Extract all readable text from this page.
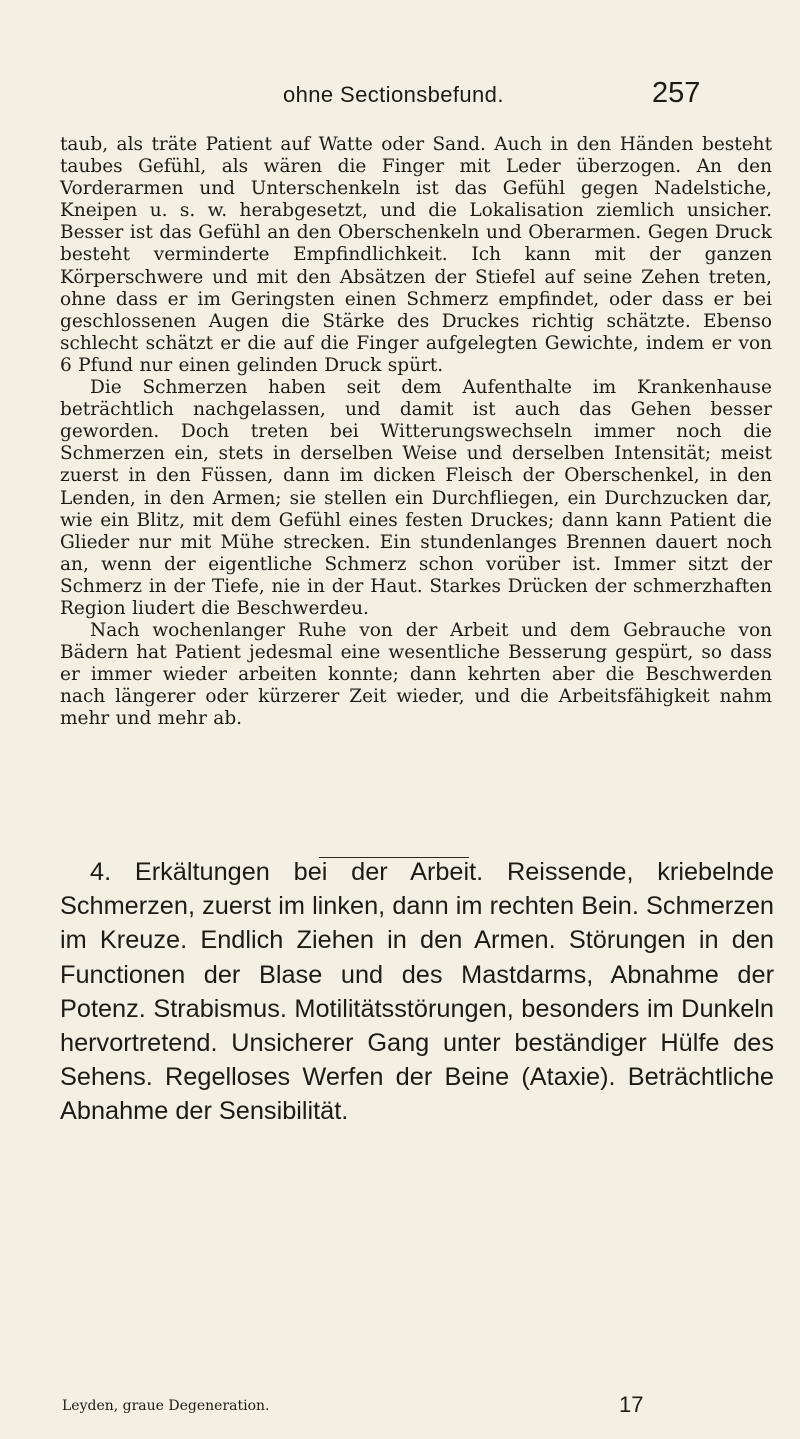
ohne Sectionsbefund.	257

taub, als träte Patient auf Watte oder Sand. Auch in den Händen besteht taubes Gefühl, als wären die Finger mit Leder überzogen. An den Vorderarmen und Unterschenkeln ist das Gefühl gegen Nadelstiche, Kneipen u. s. w. herabgesetzt, und die Lokalisation ziemlich unsicher. Besser ist das Gefühl an den Oberschenkeln und Oberarmen. Gegen Druck besteht verminderte Empfindlichkeit. Ich kann mit der ganzen Körperschwere und mit den Absätzen der Stiefel auf seine Zehen treten, ohne dass er im Geringsten einen Schmerz empfindet, oder dass er bei geschlossenen Augen die Stärke des Druckes richtig schätzte. Ebenso schlecht schätzt er die auf die Finger aufgelegten Gewichte, indem er von 6 Pfund nur einen gelinden Druck spürt.

Die Schmerzen haben seit dem Aufenthalte im Krankenhause beträchtlich nachgelassen, und damit ist auch das Gehen besser geworden. Doch treten bei Witterungswechseln immer noch die Schmerzen ein, stets in derselben Weise und derselben Intensität; meist zuerst in den Füssen, dann im dicken Fleisch der Oberschenkel, in den Lenden, in den Armen; sie stellen ein Durchfliegen, ein Durchzucken dar, wie ein Blitz, mit dem Gefühl eines festen Druckes; dann kann Patient die Glieder nur mit Mühe strecken. Ein stundenlanges Brennen dauert noch an, wenn der eigentliche Schmerz schon vorüber ist. Immer sitzt der Schmerz in der Tiefe, nie in der Haut. Starkes Drücken der schmerzhaften Region liudert die Beschwerdeu.

Nach wochenlanger Ruhe von der Arbeit und dem Gebrauche von Bädern hat Patient jedesmal eine wesentliche Besserung gespürt, so dass er immer wieder arbeiten konnte; dann kehrten aber die Beschwerden nach längerer oder kürzerer Zeit wieder, und die Arbeitsfähigkeit nahm mehr und mehr ab.

4. Erkältungen bei der Arbeit. Reissende, kriebelnde Schmerzen, zuerst im linken, dann im rechten Bein. Schmerzen im Kreuze. Endlich Ziehen in den Armen. Störungen in den Functionen der Blase und des Mastdarms, Abnahme der Potenz. Strabismus. Motilitätsstörungen, besonders im Dunkeln hervortretend. Unsicherer Gang unter beständiger Hülfe des Sehens. Regelloses Werfen der Beine (Ataxie). Beträchtliche Abnahme der Sensibilität.

Leyden, graue Degeneration.	17
